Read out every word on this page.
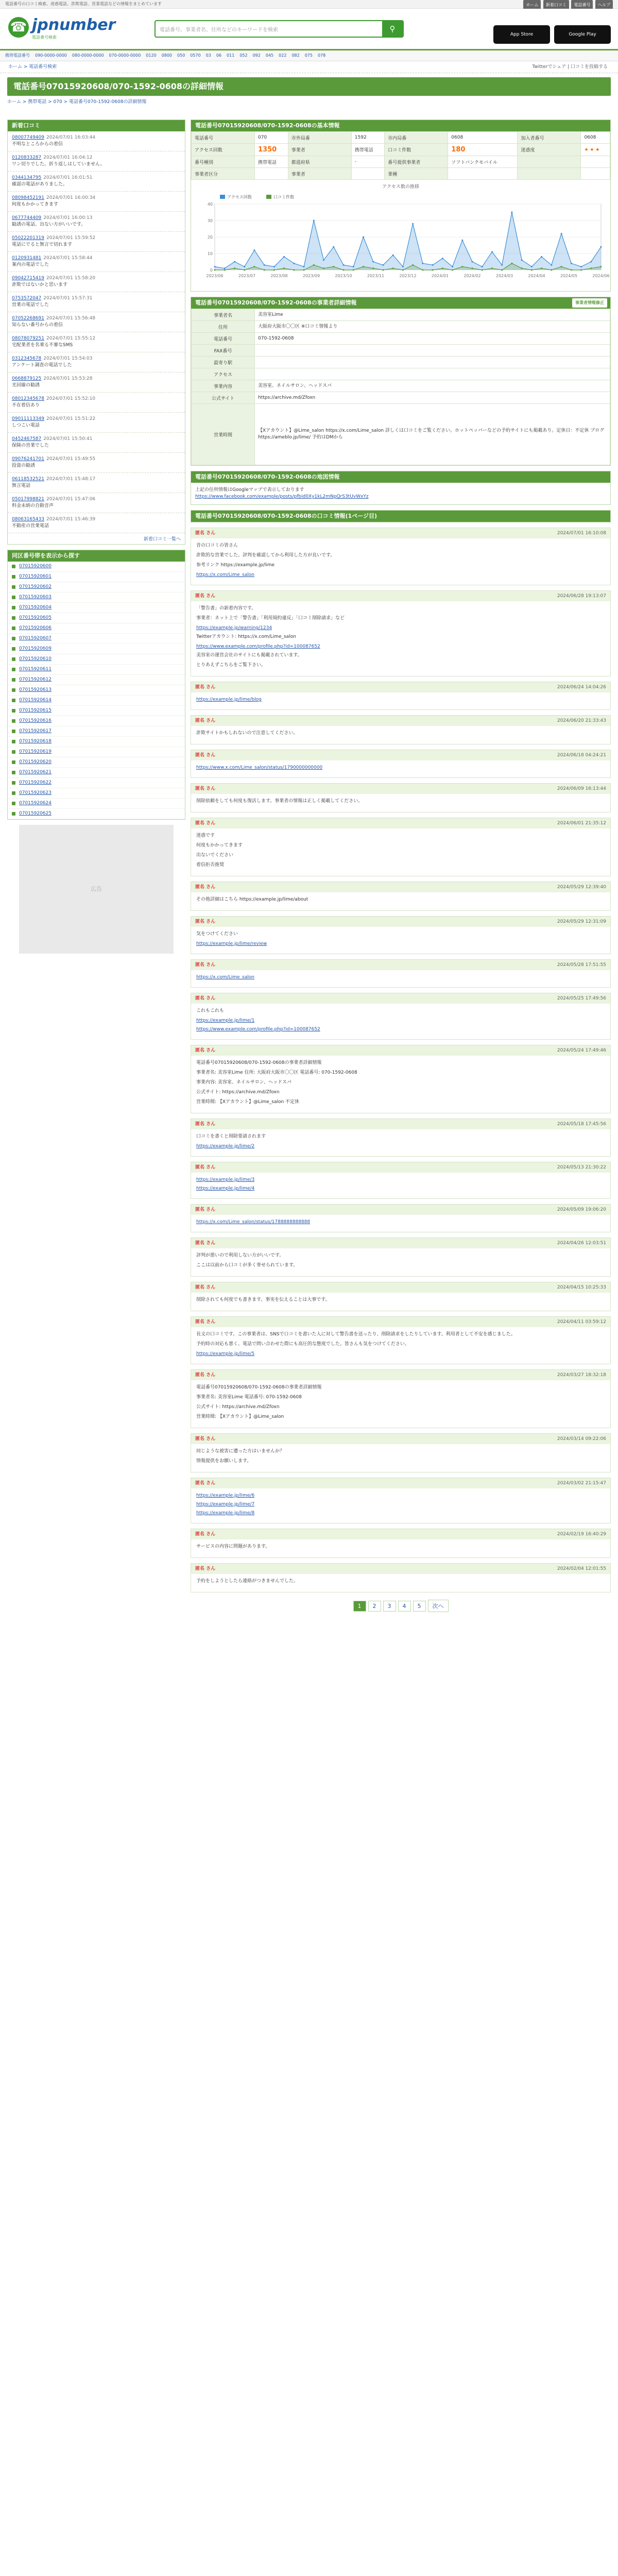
電話番号の口コミ検索。迷惑電話、詐欺電話、営業電話などの情報をまとめています	ホーム 新着口コミ 電話番号 ヘルプ
☎ jpnumber
電話番号検索
電話番号、事業者名、住所などのキーワードを検索	⚲
App Store	Google Play
携帯電話番号 090-0000-0000 080-0000-0000 070-0000-0000 0120 0800 050 0570 03 06 011 052 092 045 022 082 075 078
ホーム > 電話番号検索	Twitterでシェア | 口コミを投稿する
電話番号0701592060​8/070-1592-0608の詳細情報
ホーム > 携帯電話 > 070 > 電話番号070-1592-0608の詳細情報
新着口コミ
08007749409 2024/07/01 16:03:44
不明なところからの着信
0120833287 2024/07/01 16:04:12
ワン切りでした。折り返しはしていません。
0344134795 2024/07/01 16:01:51
確認の電話がありました。
08098452191 2024/07/01 16:00:34
何度もかかってきます
0677744409 2024/07/01 16:00:13
勧誘の電話。出ない方がいいです。
05022201319 2024/07/01 15:59:52
電話にでると無言で切れます
0120931481 2024/07/01 15:58:44
案内の電話でした
09042715419 2024/07/01 15:58:20
詐欺ではないかと思います
0753572047 2024/07/01 15:57:31
営業の電話でした
07052268691 2024/07/01 15:56:48
知らない番号からの着信
08078079251 2024/07/01 15:55:12
宅配業者を名乗る不審なSMS
0312345678 2024/07/01 15:54:03
アンケート調査の電話でした
0668879125 2024/07/01 15:53:28
光回線の勧誘
08012345678 2024/07/01 15:52:10
不在着信あり
09011113349 2024/07/01 15:51:22
しつこい電話
0452467587 2024/07/01 15:50:41
保険の営業でした
09076241701 2024/07/01 15:49:55
投資の勧誘
06118532521 2024/07/01 15:48:17
無言電話
05017998821 2024/07/01 15:47:06
料金未納の自動音声
08063165433 2024/07/01 15:46:39
不動産の営業電話
新着口コミ一覧へ
同区番号帯を表示から探す
07015920600
07015920601
07015920602
07015920603
07015920604
07015920605
07015920606
07015920607
07015920609
07015920610
07015920611
07015920612
07015920613
07015920614
07015920615
07015920616
07015920617
07015920618
07015920619
07015920620
07015920621
07015920622
07015920623
07015920624
07015920625
広告
電話番号0701592060​8/070-1592-0608の基本情報
電話番号	070	市外局番	1592	市内局番	0608	加入者番号	0608
アクセス回数	1350	事業者	携帯電話	口コミ件数	180	迷惑度	★ ★ ★
番号種別	携帯電話	都道府県	-	番号提供事業者	ソフトバンクモバイル		
事業者区分		事業者		業種			
アクセス数の推移
0
10
20
30
40
2023/06	2023/07	2023/08	2023/09	2023/10	2023/11	2023/12	2024/01	2024/02	2024/03	2024/04	2024/05	2024/06
アクセス回数	口コミ件数
電話番号07015920608/070-1592-0608の事業者詳細情報	事業者情報修正
事業者名	美容室Lime
住所	大阪府大阪市〇〇区 ※口コミ情報より
電話番号	070-1592-0608
FAX番号	
最寄り駅	
アクセス	
事業内容	美容室、ネイルサロン、ヘッドスパ
公式サイト	https://archive.md/Zfoxn
営業時間	【Xアカウント】@Lime_salon https://x.com/Lime_salon 詳しくは口コミをご覧ください。ホットペッパーなどの予約サイトにも掲載あり。定休日：不定休 ブログ https://ameblo.jp/lime/ 予約はDMから
電話番号07015920608/070-1592-0608の地図情報
上記の住所情報はGoogleマップで表示しております
https://www.facebook.com/example/posts/pfbid0Xy1kL2mNpQrS3tUvWxYz
電話番号07015920608/070-1592-0608の口コミ情報(1ページ目)
匿名 さん	2024/07/01 16:10:08

昔の口コミの皆さん

詐欺的な営業でした。評判を確認してから利用した方が良いです。

参考リンク https://example.jp/lime

https://x.com/Lime_salon
匿名 さん	2024/06/28 19:13:07

「警告書」の新着内容です。

事業者：ネット上で「警告書」「利用規約違反」「口コミ削除請求」など

https://example.jp/warning/1234

Twitterアカウント: https://x.com/Lime_salon

https://www.example.com/profile.php?id=100087652

美容室の運営会社のサイトにも掲載されています。

とりあえずこちらをご覧下さい。

匿名 さん	2024/06/24 14:04:26
https://example.jp/lime/blog
匿名 さん	2024/06/20 21:33:43

詐欺サイトかもしれないので注意してください。

匿名 さん	2024/06/18 04:24:21
https://www.x.com/Lime_salon/status/1790000000000
匿名 さん	2024/06/09 16:13:44

削除依頼をしても何度も復活します。事業者の情報は正しく掲載してください。

匿名 さん	2024/06/01 21:35:12

迷惑です

何度もかかってきます

出ないでください

着信拒否推奨

匿名 さん	2024/05/29 12:39:40

その他詳細はこちら https://example.jp/lime/about

匿名 さん	2024/05/29 12:31:09

気をつけてください

https://example.jp/lime/review
匿名 さん	2024/05/28 17:51:55
https://x.com/Lime_salon
匿名 さん	2024/05/25 17:49:56

これもこれも

https://example.jp/lime/1
https://www.example.com/profile.php?id=100087652
匿名 さん	2024/05/24 17:49:46

電話番号0701592​0608/070-1592-0608の事業者詳細情報

事業者名: 美容室Lime 住所: 大阪府大阪市〇〇区 電話番号: 070-1592-0608

事業内容: 美容室、ネイルサロン、ヘッドスパ

公式サイト: https://archive.md/Zfoxn

営業時間: 【Xアカウント】@Lime_salon 不定休

匿名 さん	2024/05/18 17:45:56

口コミを書くと削除要請されます

https://example.jp/lime/2
匿名 さん	2024/05/13 21:30:22
https://example.jp/lime/3
https://example.jp/lime/4
匿名 さん	2024/05/09 19:06:20
https://x.com/Lime_salon/status/1788888888888
匿名 さん	2024/04/26 12:03:51

評判が悪いので利用しない方がいいです。

ここは以前から口コミが多く寄せられています。

匿名 さん	2024/04/15 10:25:33

削除されても何度でも書きます。事実を伝えることは大事です。

匿名 さん	2024/04/11 03:59:12

長文の口コミです。この事業者は、SNSで口コミを書いた人に対して警告書を送ったり、削除請求をしたりしています。利用者として不安を感じました。

予約時の対応も悪く、電話で問い合わせた際にも高圧的な態度でした。皆さんも気をつけてください。

https://example.jp/lime/5
匿名 さん	2024/03/27 18:32:18

電話番号0701592​0608/070-1592-0608の事業者詳細情報

事業者名: 美容室Lime 電話番号: 070-1592-0608

公式サイト: https://archive.md/Zfoxn

営業時間: 【Xアカウント】@Lime_salon

匿名 さん	2024/03/14 09:22:06

同じような被害に遭った方はいませんか？

情報提供をお願いします。

匿名 さん	2024/03/02 21:15:47
https://example.jp/lime/6
https://example.jp/lime/7
https://example.jp/lime/8
匿名 さん	2024/02/19 16:40:29

サービスの内容に問題があります。

匿名 さん	2024/02/04 12:01:55

予約をしようとしたら連絡がつきませんでした。

1 2 3 4 5 次へ
